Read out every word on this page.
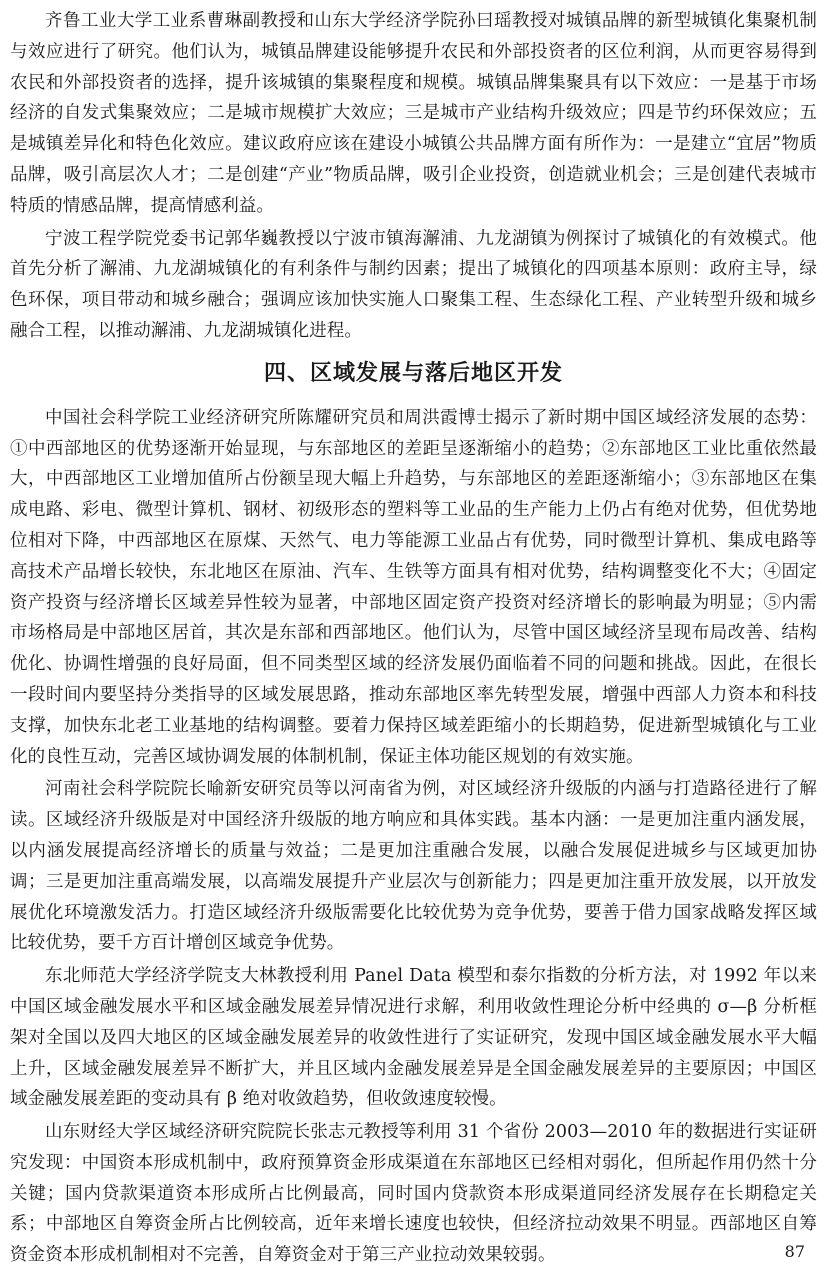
齐鲁工业大学工业系曹琳副教授和山东大学经济学院孙曰瑶教授对城镇品牌的新型城镇化集聚机制与效应进行了研究。他们认为，城镇品牌建设能够提升农民和外部投资者的区位利润，从而更容易得到农民和外部投资者的选择，提升该城镇的集聚程度和规模。城镇品牌集聚具有以下效应：一是基于市场经济的自发式集聚效应；二是城市规模扩大效应；三是城市产业结构升级效应；四是节约环保效应；五是城镇差异化和特色化效应。建议政府应该在建设小城镇公共品牌方面有所作为：一是建立“宜居”物质品牌，吸引高层次人才；二是创建“产业”物质品牌，吸引企业投资，创造就业机会；三是创建代表城市特质的情感品牌，提高情感利益。

宁波工程学院党委书记郭华巍教授以宁波市镇海澥浦、九龙湖镇为例探讨了城镇化的有效模式。他首先分析了澥浦、九龙湖城镇化的有利条件与制约因素；提出了城镇化的四项基本原则：政府主导，绿色环保，项目带动和城乡融合；强调应该加快实施人口聚集工程、生态绿化工程、产业转型升级和城乡融合工程，以推动澥浦、九龙湖城镇化进程。

四、区域发展与落后地区开发

中国社会科学院工业经济研究所陈耀研究员和周洪霞博士揭示了新时期中国区域经济发展的态势：①中西部地区的优势逐渐开始显现，与东部地区的差距呈逐渐缩小的趋势；②东部地区工业比重依然最大，中西部地区工业增加值所占份额呈现大幅上升趋势，与东部地区的差距逐渐缩小；③东部地区在集成电路、彩电、微型计算机、钢材、初级形态的塑料等工业品的生产能力上仍占有绝对优势，但优势地位相对下降，中西部地区在原煤、天然气、电力等能源工业品占有优势，同时微型计算机、集成电路等高技术产品增长较快，东北地区在原油、汽车、生铁等方面具有相对优势，结构调整变化不大；④固定资产投资与经济增长区域差异性较为显著，中部地区固定资产投资对经济增长的影响最为明显；⑤内需市场格局是中部地区居首，其次是东部和西部地区。他们认为，尽管中国区域经济呈现布局改善、结构优化、协调性增强的良好局面，但不同类型区域的经济发展仍面临着不同的问题和挑战。因此，在很长一段时间内要坚持分类指导的区域发展思路，推动东部地区率先转型发展，增强中西部人力资本和科技支撑，加快东北老工业基地的结构调整。要着力保持区域差距缩小的长期趋势，促进新型城镇化与工业化的良性互动，完善区域协调发展的体制机制，保证主体功能区规划的有效实施。

河南社会科学院院长喻新安研究员等以河南省为例，对区域经济升级版的内涵与打造路径进行了解读。区域经济升级版是对中国经济升级版的地方响应和具体实践。基本内涵：一是更加注重内涵发展，以内涵发展提高经济增长的质量与效益；二是更加注重融合发展，以融合发展促进城乡与区域更加协调；三是更加注重高端发展，以高端发展提升产业层次与创新能力；四是更加注重开放发展，以开放发展优化环境激发活力。打造区域经济升级版需要化比较优势为竞争优势，要善于借力国家战略发挥区域比较优势，要千方百计增创区域竞争优势。

东北师范大学经济学院支大林教授利用 Panel Data 模型和泰尔指数的分析方法，对 1992 年以来中国区域金融发展水平和区域金融发展差异情况进行求解，利用收敛性理论分析中经典的 σ—β 分析框架对全国以及四大地区的区域金融发展差异的收敛性进行了实证研究，发现中国区域金融发展水平大幅上升，区域金融发展差异不断扩大，并且区域内金融发展差异是全国金融发展差异的主要原因；中国区域金融发展差距的变动具有 β 绝对收敛趋势，但收敛速度较慢。

山东财经大学区域经济研究院院长张志元教授等利用 31 个省份 2003—2010 年的数据进行实证研究发现：中国资本形成机制中，政府预算资金形成渠道在东部地区已经相对弱化，但所起作用仍然十分关键；国内贷款渠道资本形成所占比例最高，同时国内贷款资本形成渠道同经济发展存在长期稳定关系；中部地区自筹资金所占比例较高，近年来增长速度也较快，但经济拉动效果不明显。西部地区自筹资金资本形成机制相对不完善，自筹资金对于第三产业拉动效果较弱。	87
